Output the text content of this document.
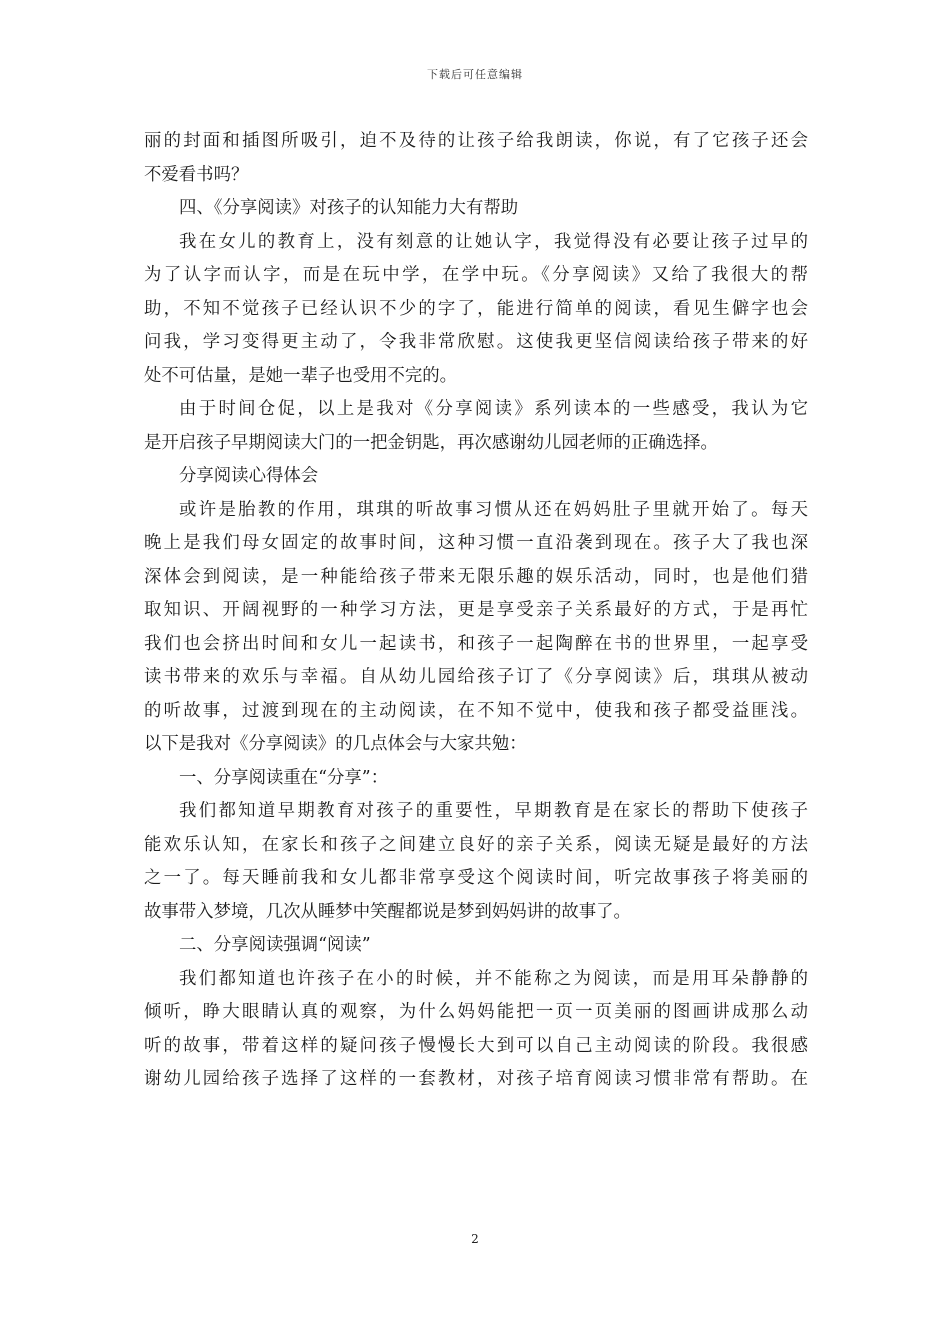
下载后可任意编辑
丽的封面和插图所吸引，迫不及待的让孩子给我朗读，你说，有了它孩子还会
不爱看书吗？
四、《分享阅读》对孩子的认知能力大有帮助
我在女儿的教育上，没有刻意的让她认字，我觉得没有必要让孩子过早的
为了认字而认字，而是在玩中学，在学中玩。《分享阅读》又给了我很大的帮
助，不知不觉孩子已经认识不少的字了，能进行简单的阅读，看见生僻字也会
问我，学习变得更主动了，令我非常欣慰。这使我更坚信阅读给孩子带来的好
处不可估量，是她一辈子也受用不完的。
由于时间仓促，以上是我对《分享阅读》系列读本的一些感受，我认为它
是开启孩子早期阅读大门的一把金钥匙，再次感谢幼儿园老师的正确选择。
分享阅读心得体会
或许是胎教的作用，琪琪的听故事习惯从还在妈妈肚子里就开始了。每天
晚上是我们母女固定的故事时间，这种习惯一直沿袭到现在。孩子大了我也深
深体会到阅读，是一种能给孩子带来无限乐趣的娱乐活动，同时，也是他们猎
取知识、开阔视野的一种学习方法，更是享受亲子关系最好的方式，于是再忙
我们也会挤出时间和女儿一起读书，和孩子一起陶醉在书的世界里，一起享受
读书带来的欢乐与幸福。自从幼儿园给孩子订了《分享阅读》后，琪琪从被动
的听故事，过渡到现在的主动阅读，在不知不觉中，使我和孩子都受益匪浅。
以下是我对《分享阅读》的几点体会与大家共勉：
一、分享阅读重在“分享”：
我们都知道早期教育对孩子的重要性，早期教育是在家长的帮助下使孩子
能欢乐认知，在家长和孩子之间建立良好的亲子关系，阅读无疑是最好的方法
之一了。每天睡前我和女儿都非常享受这个阅读时间，听完故事孩子将美丽的
故事带入梦境，几次从睡梦中笑醒都说是梦到妈妈讲的故事了。
二、分享阅读强调“阅读”
我们都知道也许孩子在小的时候，并不能称之为阅读，而是用耳朵静静的
倾听，睁大眼睛认真的观察，为什么妈妈能把一页一页美丽的图画讲成那么动
听的故事，带着这样的疑问孩子慢慢长大到可以自己主动阅读的阶段。我很感
谢幼儿园给孩子选择了这样的一套教材，对孩子培育阅读习惯非常有帮助。在
2
